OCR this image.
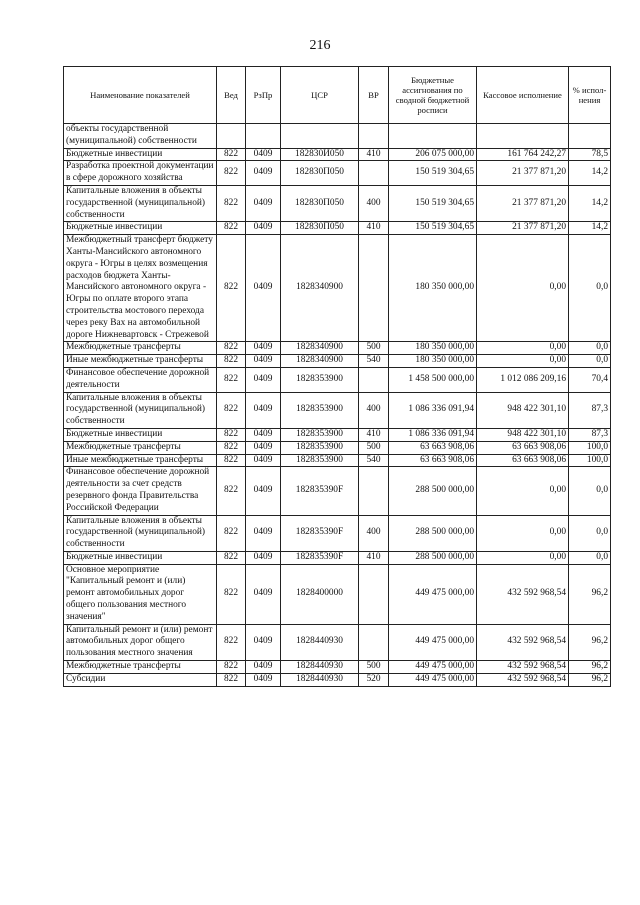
216
Наименование показателей	Вед	РзПр	ЦСР	ВР	Бюджетные ассигнования по сводной бюджетной росписи	Кассовое исполнение	% испол-нения
объекты государственной (муниципальной) собственности							
Бюджетные инвестиции	822	0409	182830И050	410	206 075 000,00	161 764 242,27	78,5
Разработка проектной документации в сфере дорожного хозяйства	822	0409	182830П050		150 519 304,65	21 377 871,20	14,2
Капитальные вложения в объекты государственной (муниципальной) собственности	822	0409	182830П050	400	150 519 304,65	21 377 871,20	14,2
Бюджетные инвестиции	822	0409	182830П050	410	150 519 304,65	21 377 871,20	14,2
Межбюджетный трансферт бюджету Ханты-Мансийского автономного округа - Югры в целях возмещения расходов бюджета Ханты-Мансийского автономного округа - Югры по оплате второго этапа строительства мостового перехода через реку Вах на автомобильной дороге Нижневартовск - Стрежевой	822	0409	1828340900		180 350 000,00	0,00	0,0
Межбюджетные трансферты	822	0409	1828340900	500	180 350 000,00	0,00	0,0
Иные межбюджетные трансферты	822	0409	1828340900	540	180 350 000,00	0,00	0,0
Финансовое обеспечение дорожной деятельности	822	0409	1828353900		1 458 500 000,00	1 012 086 209,16	70,4
Капитальные вложения в объекты государственной (муниципальной) собственности	822	0409	1828353900	400	1 086 336 091,94	948 422 301,10	87,3
Бюджетные инвестиции	822	0409	1828353900	410	1 086 336 091,94	948 422 301,10	87,3
Межбюджетные трансферты	822	0409	1828353900	500	63 663 908,06	63 663 908,06	100,0
Иные межбюджетные трансферты	822	0409	1828353900	540	63 663 908,06	63 663 908,06	100,0
Финансовое обеспечение дорожной деятельности за счет средств резервного фонда Правительства Российской Федерации	822	0409	182835390F		288 500 000,00	0,00	0,0
Капитальные вложения в объекты государственной (муниципальной) собственности	822	0409	182835390F	400	288 500 000,00	0,00	0,0
Бюджетные инвестиции	822	0409	182835390F	410	288 500 000,00	0,00	0,0
Основное мероприятие "Капитальный ремонт и (или) ремонт автомобильных дорог общего пользования местного значения"	822	0409	1828400000		449 475 000,00	432 592 968,54	96,2
Капитальный ремонт и (или) ремонт автомобильных дорог общего пользования местного значения	822	0409	1828440930		449 475 000,00	432 592 968,54	96,2
Межбюджетные трансферты	822	0409	1828440930	500	449 475 000,00	432 592 968,54	96,2
Субсидии	822	0409	1828440930	520	449 475 000,00	432 592 968,54	96,2
